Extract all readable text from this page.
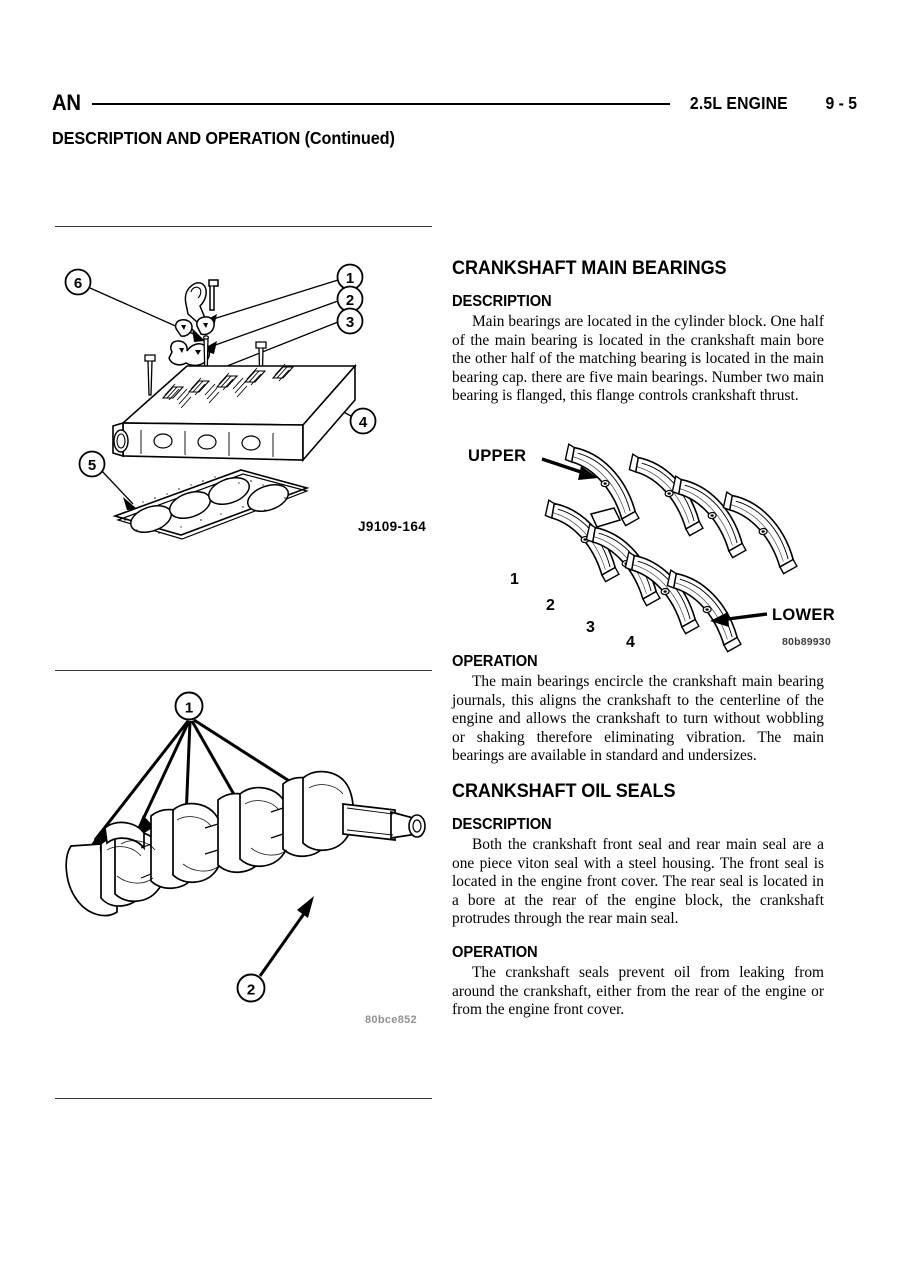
AN	2.5L ENGINE 9 - 5
DESCRIPTION AND OPERATION (Continued)
6	1
2
3
4
5
J9109-164
UPPER
LOWER
1
2
3
4	80b89930
1
2
80bce852
CRANKSHAFT MAIN BEARINGS
DESCRIPTION

Main bearings are located in the cylinder block. One half of the main bearing is located in the crankshaft main bore the other half of the matching bearing is located in the main bearing cap. there are five main bearings. Number two main bearing is flanged, this flange controls crankshaft thrust.

OPERATION

The main bearings encircle the crankshaft main bearing journals, this aligns the crankshaft to the centerline of the engine and allows the crankshaft to turn without wobbling or shaking therefore eliminating vibration. The main bearings are available in standard and undersizes.

CRANKSHAFT OIL SEALS
DESCRIPTION

Both the crankshaft front seal and rear main seal are a one piece viton seal with a steel housing. The front seal is located in the engine front cover. The rear seal is located in a bore at the rear of the engine block, the crankshaft protrudes through the rear main seal.

OPERATION

The crankshaft seals prevent oil from leaking from around the crankshaft, either from the rear of the engine or from the engine front cover.
